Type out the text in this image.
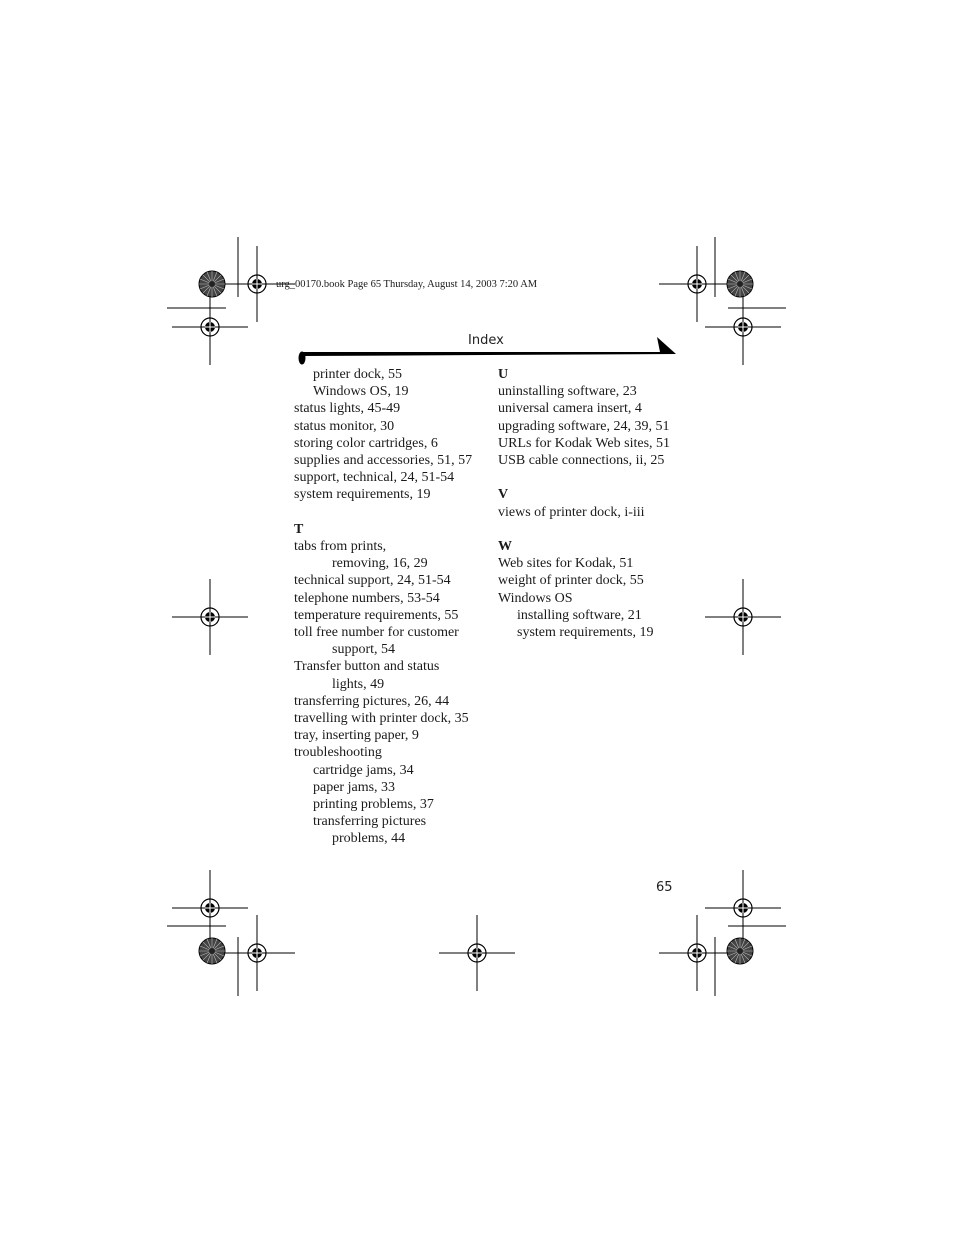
urg_00170.book Page 65 Thursday, August 14, 2003 7:20 AM
Index
65
printer dock, 55
Windows OS, 19
status lights, 45-49
status monitor, 30
storing color cartridges, 6
supplies and accessories, 51, 57
support, technical, 24, 51-54
system requirements, 19
T
tabs from prints,
removing, 16, 29
technical support, 24, 51-54
telephone numbers, 53-54
temperature requirements, 55
toll free number for customer
support, 54
Transfer button and status
lights, 49
transferring pictures, 26, 44
travelling with printer dock, 35
tray, inserting paper, 9
troubleshooting
cartridge jams, 34
paper jams, 33
printing problems, 37
transferring pictures
problems, 44
U
uninstalling software, 23
universal camera insert, 4
upgrading software, 24, 39, 51
URLs for Kodak Web sites, 51
USB cable connections, ii, 25
V
views of printer dock, i-iii
W
Web sites for Kodak, 51
weight of printer dock, 55
Windows OS
installing software, 21
system requirements, 19
